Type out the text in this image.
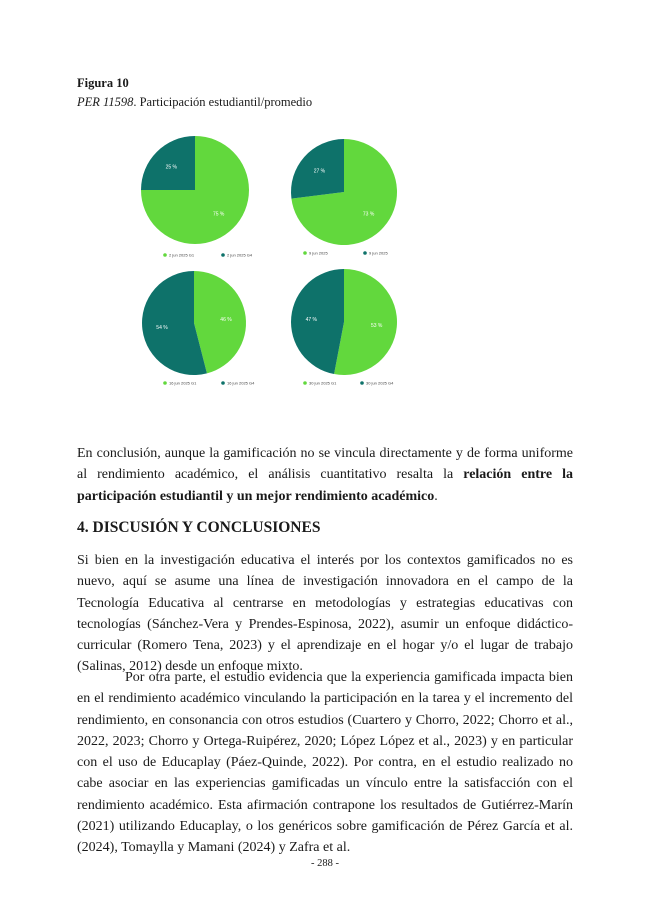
Figura 10
PER 11598. Participación estudiantil/promedio
75 %
25 %
2 jun 2025 G1	2 jun 2025 G4
73 %
27 %
9 jun 2025	9 jun 2025
46 %
54 %
16 jun 2025 G1	16 jun 2025 G4
53 %
47 %
30 jun 2025 G1	30 jun 2025 G4

En conclusión, aunque la gamificación no se vincula directamente y de forma uniforme al rendimiento académico, el análisis cuantitativo resalta la relación entre la participación estudiantil y un mejor rendimiento académico.

4. DISCUSIÓN Y CONCLUSIONES

Si bien en la investigación educativa el interés por los contextos gamificados no es nuevo, aquí se asume una línea de investigación innovadora en el campo de la Tecnología Educativa al centrarse en metodologías y estrategias educativas con tecnologías (Sánchez-Vera y Prendes-Espinosa, 2022), asumir un enfoque didáctico-curricular (Romero Tena, 2023) y el aprendizaje en el hogar y/o el lugar de trabajo (Salinas, 2012) desde un enfoque mixto.

Por otra parte, el estudio evidencia que la experiencia gamificada impacta bien en el rendimiento académico vinculando la participación en la tarea y el incremento del rendimiento, en consonancia con otros estudios (Cuartero y Chorro, 2022; Chorro et al., 2022, 2023; Chorro y Ortega-Ruipérez, 2020; López López et al., 2023) y en particular con el uso de Educaplay (Páez-Quinde, 2022). Por contra, en el estudio realizado no cabe asociar en las experiencias gamificadas un vínculo entre la satisfacción con el rendimiento académico. Esta afirmación contrapone los resultados de Gutiérrez-Marín (2021) utilizando Educaplay, o los genéricos sobre gamificación de Pérez García et al. (2024), Tomaylla y Mamani (2024) y Zafra et al.

- 288 -
